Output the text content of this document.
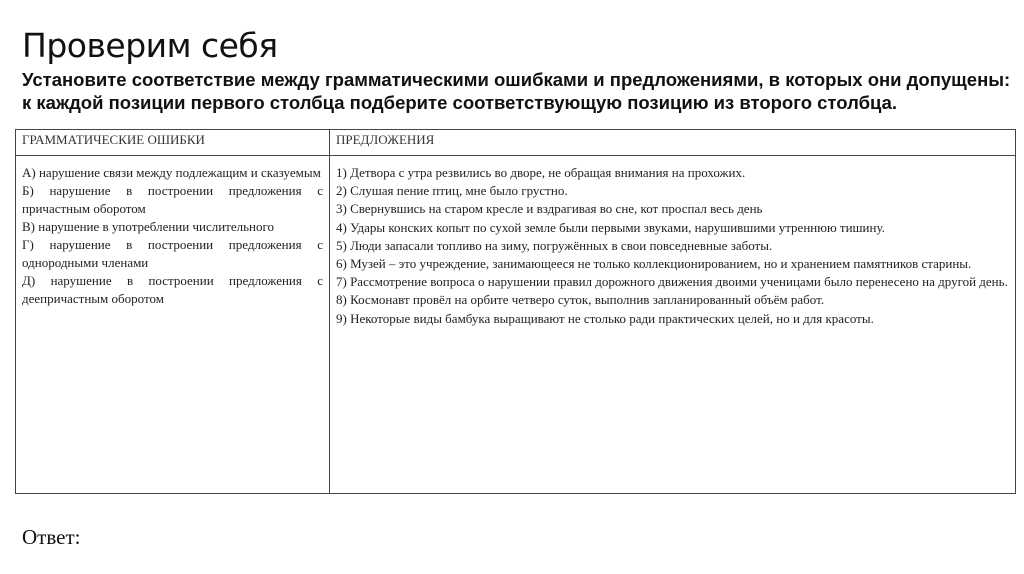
Проверим себя

Установите соответствие между грамматическими ошибками и предложениями, в которых они допущены: к каждой позиции первого столбца подберите соответствующую позицию из второго столбца.

ГРАММАТИЧЕСКИЕ ОШИБКИ	ПРЕДЛОЖЕНИЯ

А) нарушение связи между подлежащим и сказуемым
Б) нарушение в построении предложения с причастным оборотом
В) нарушение в употреблении числительного
Г) нарушение в построении предложения с однородными членами
Д) нарушение в построении предложения с деепричастным оборотом

1) Детвора с утра резвились во дворе, не обращая внимания на прохожих.
2) Слушая пение птиц, мне было грустно.
3) Свернувшись на старом кресле и вздрагивая во сне, кот проспал весь день
4) Удары конских копыт по сухой земле были первыми звуками, нарушившими утреннюю тишину.
5) Люди запасали топливо на зиму, погружённых в свои повседневные заботы.
6) Музей – это учреждение, занимающееся не только коллекционированием, но и хранением памятников старины.
7) Рассмотрение вопроса о нарушении правил дорожного движения двоими ученицами было перенесено на другой день.
8) Космонавт провёл на орбите четверо суток, выполнив запланированный объём работ.
9) Некоторые виды бамбука выращивают не столько ради практических целей, но и для красоты.
Ответ:
